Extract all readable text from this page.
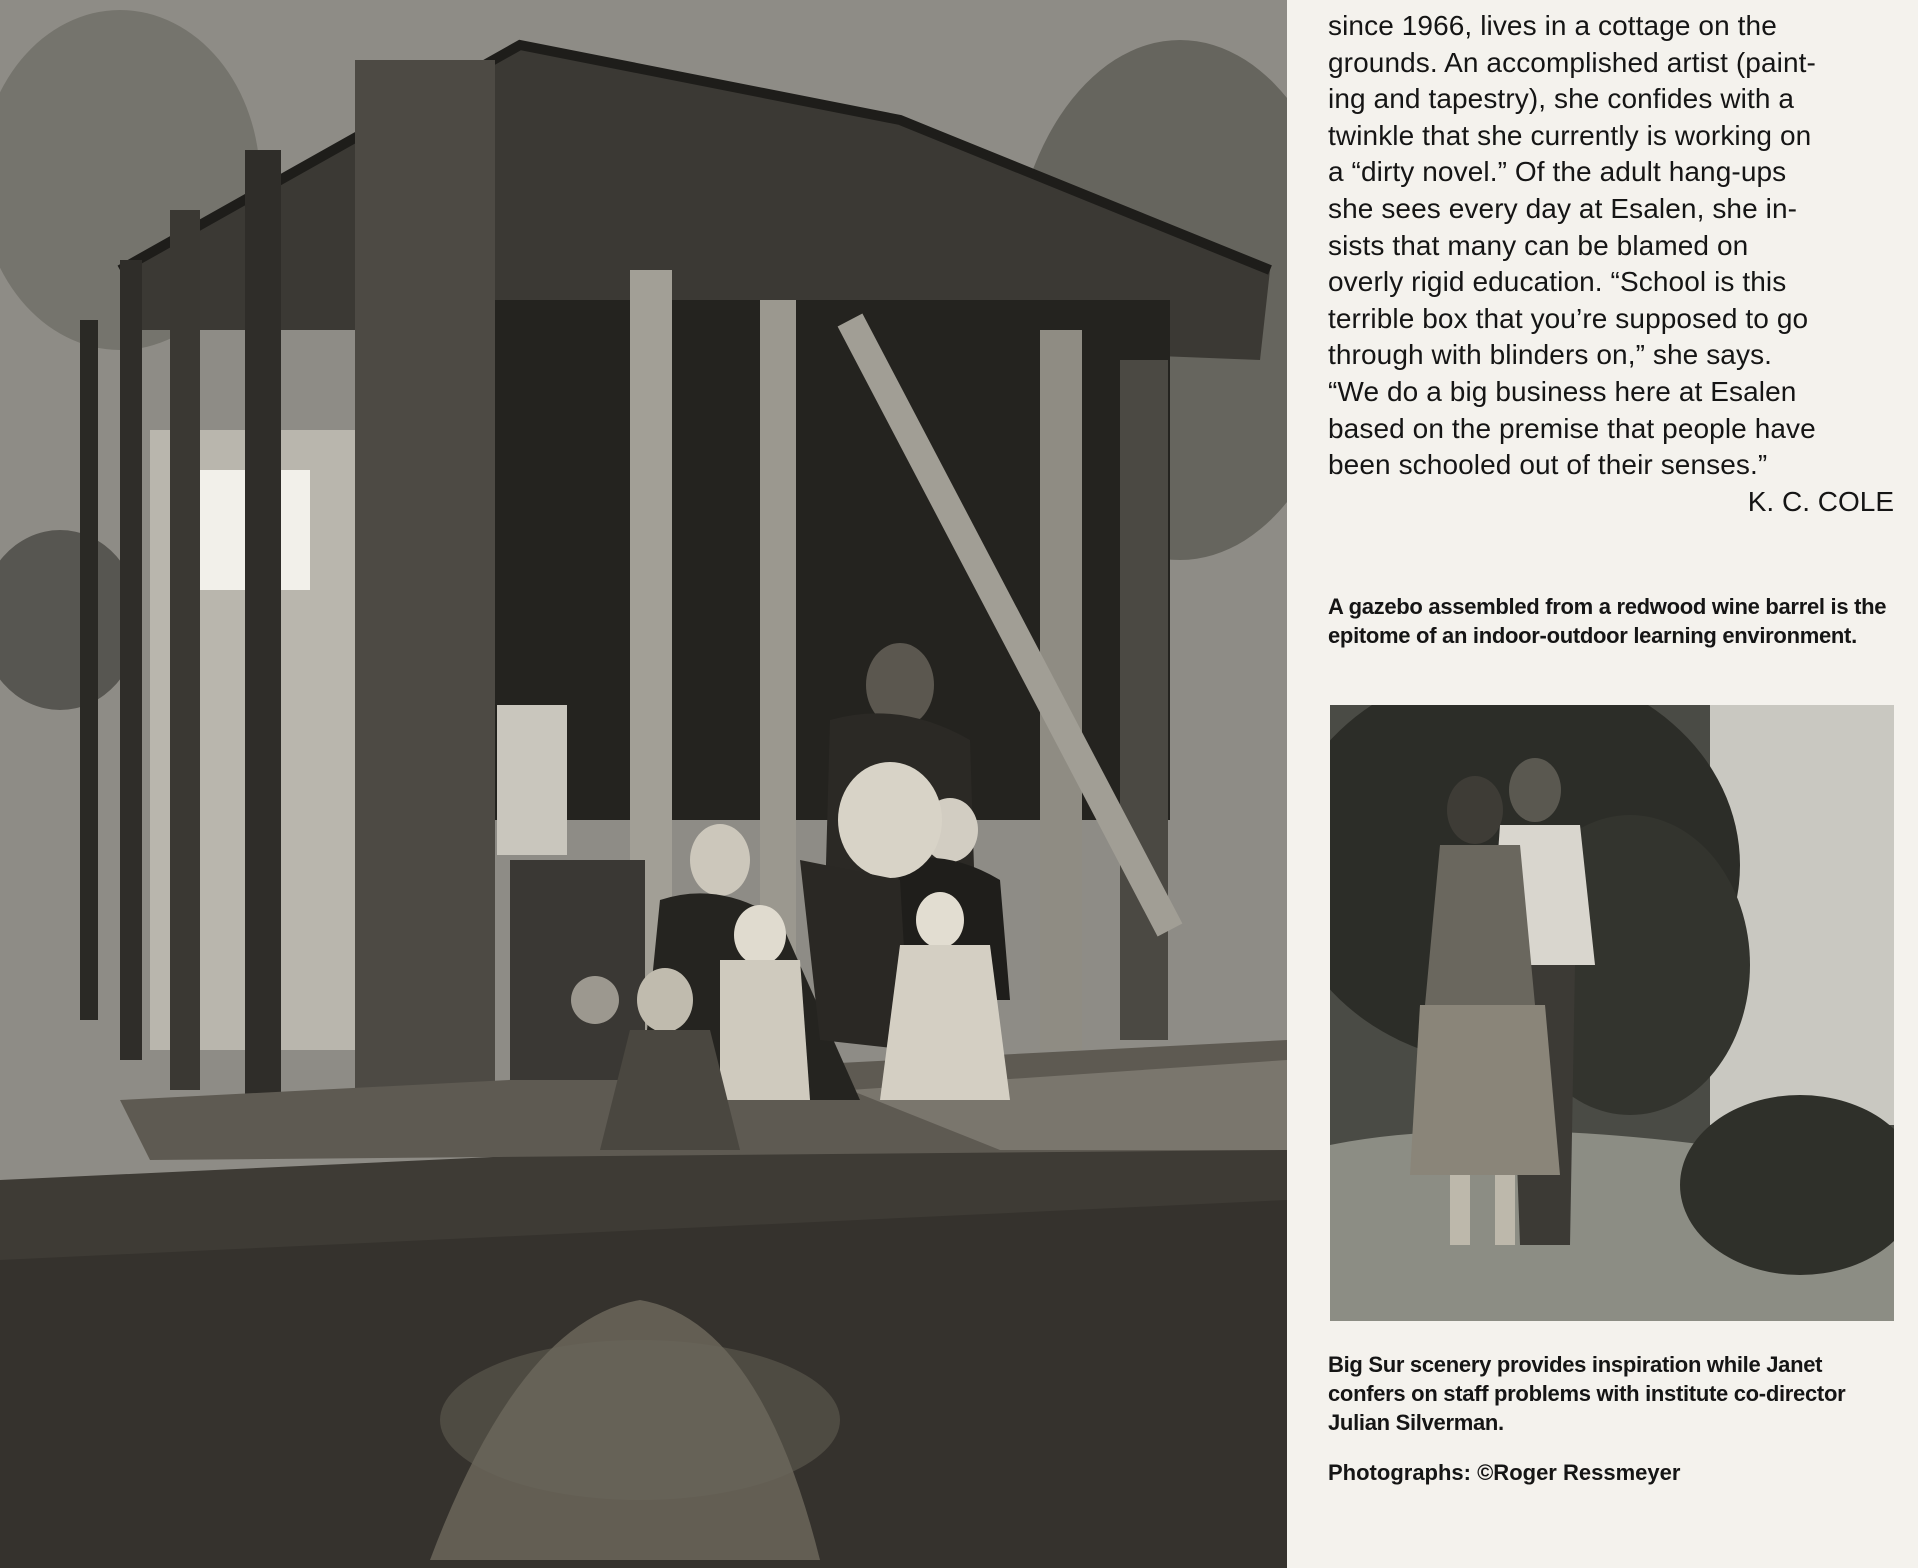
since 1966, lives in a cottage on the

grounds. An accomplished artist (paint-

ing and tapestry), she confides with a

twinkle that she currently is working on

a “dirty novel.” Of the adult hang-ups

she sees every day at Esalen, she in-

sists that many can be blamed on

overly rigid education. “School is this

terrible box that you’re supposed to go

through with blinders on,” she says.

“We do a big business here at Esalen

based on the premise that people have

been schooled out of their senses.”

K. C. COLE
A gazebo assembled from a redwood wine barrel is the epitome of an indoor-outdoor learning environment.
Big Sur scenery provides inspiration while Janet confers on staff problems with institute co-director Julian Silverman.
Photographs: ©Roger Ressmeyer
